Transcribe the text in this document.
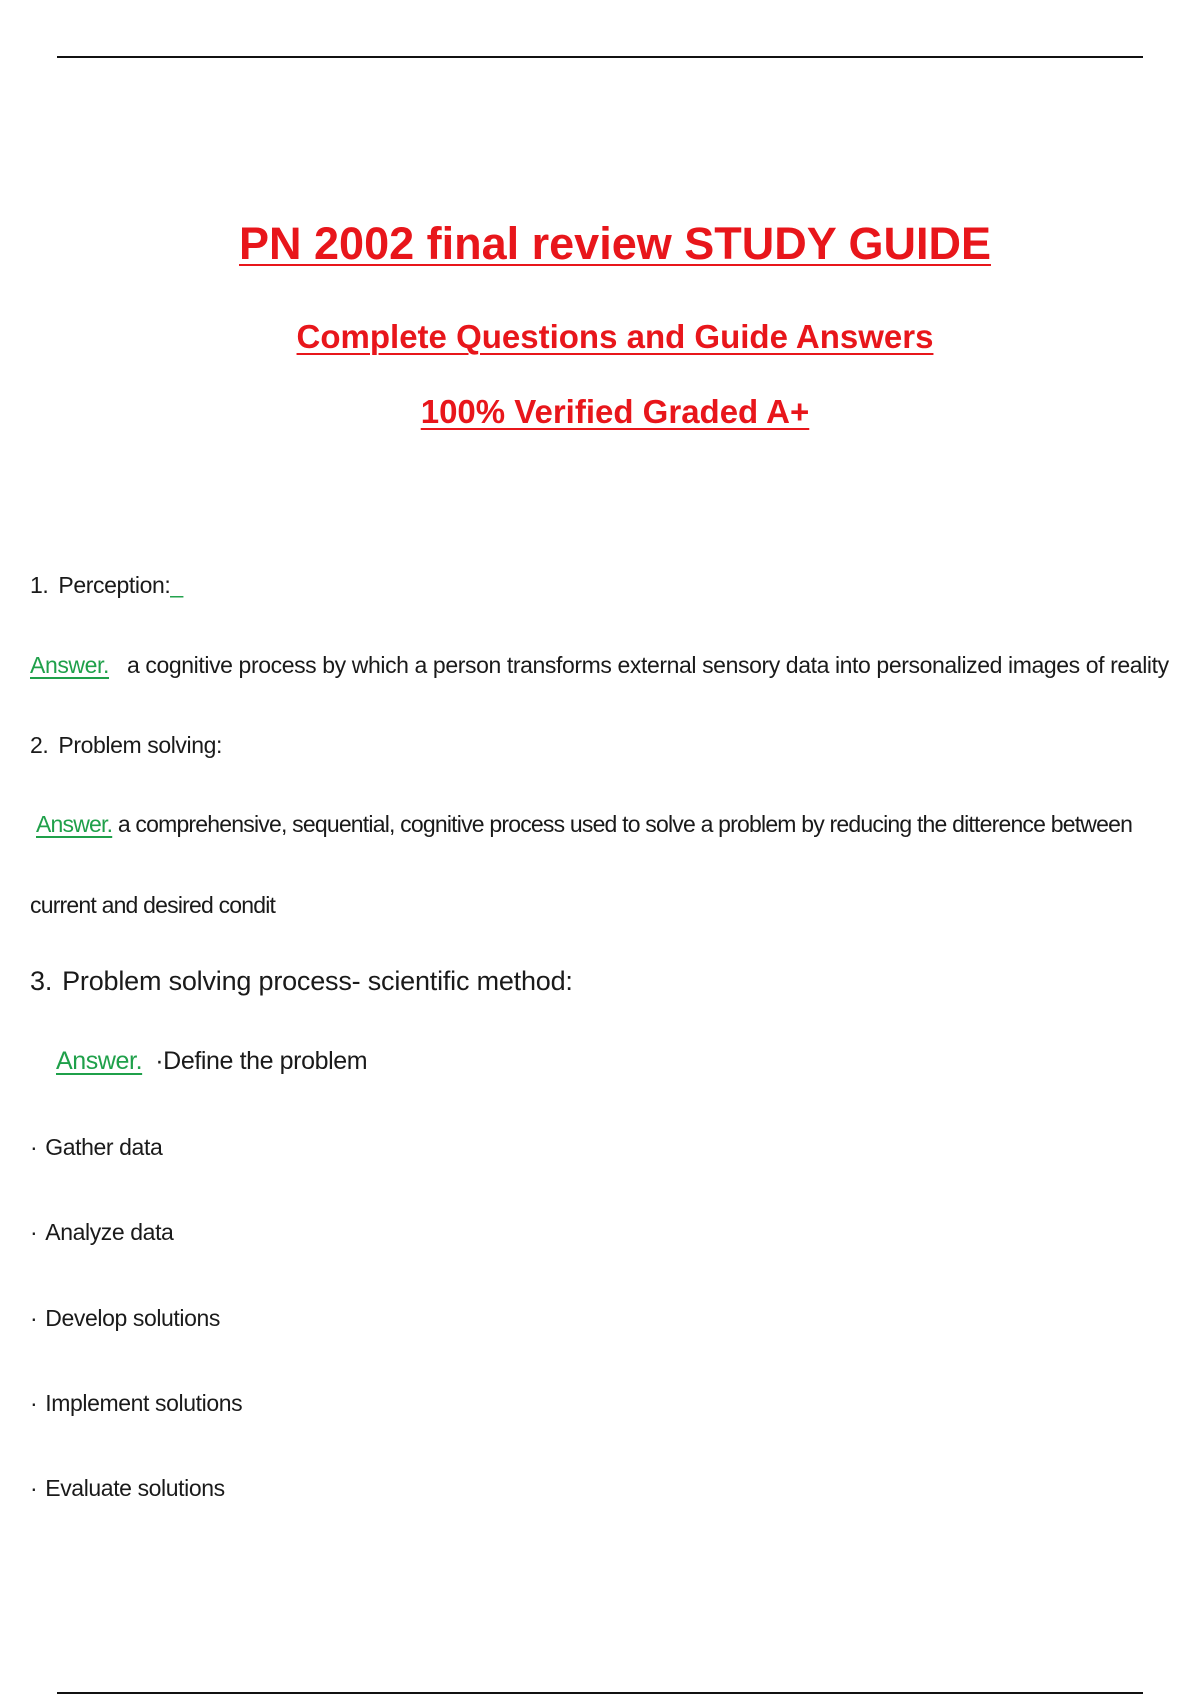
PN 2002 final review STUDY GUIDE
Complete Questions and Guide Answers
100% Verified Graded A+
1. Perception:_
Answer. a cognitive process by which a person transforms external sensory data into personalized images of reality
2. Problem solving:
Answer. a comprehensive, sequential, cognitive process used to solve a problem by reducing the ditterence between
current and desired condit
3. Problem solving process- scientific method:
Answer. ·Define the problem
· Gather data
· Analyze data
· Develop solutions
· Implement solutions
· Evaluate solutions
